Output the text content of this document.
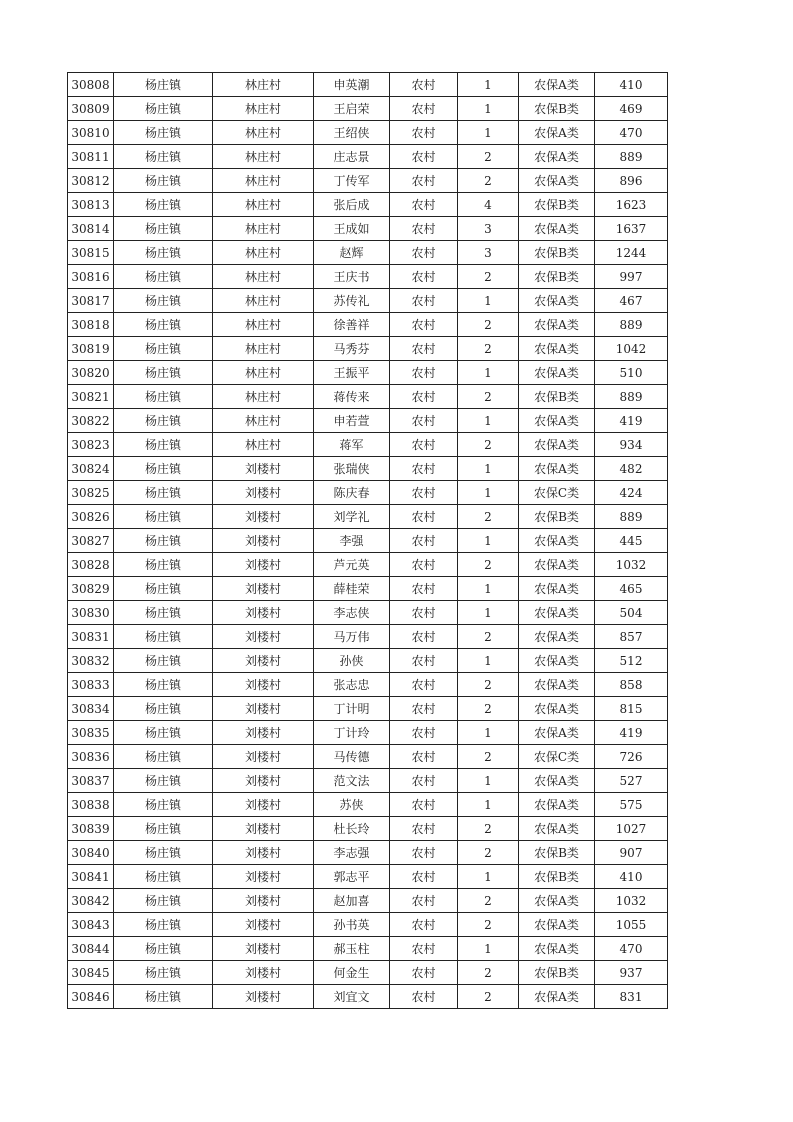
30808	杨庄镇	林庄村	申英潮	农村	1	农保A类	410
30809	杨庄镇	林庄村	王启荣	农村	1	农保B类	469
30810	杨庄镇	林庄村	王绍侠	农村	1	农保A类	470
30811	杨庄镇	林庄村	庄志景	农村	2	农保A类	889
30812	杨庄镇	林庄村	丁传军	农村	2	农保A类	896
30813	杨庄镇	林庄村	张后成	农村	4	农保B类	1623
30814	杨庄镇	林庄村	王成如	农村	3	农保A类	1637
30815	杨庄镇	林庄村	赵辉	农村	3	农保B类	1244
30816	杨庄镇	林庄村	王庆书	农村	2	农保B类	997
30817	杨庄镇	林庄村	苏传礼	农村	1	农保A类	467
30818	杨庄镇	林庄村	徐善祥	农村	2	农保A类	889
30819	杨庄镇	林庄村	马秀芬	农村	2	农保A类	1042
30820	杨庄镇	林庄村	王振平	农村	1	农保A类	510
30821	杨庄镇	林庄村	蒋传来	农村	2	农保B类	889
30822	杨庄镇	林庄村	申若萱	农村	1	农保A类	419
30823	杨庄镇	林庄村	蒋军	农村	2	农保A类	934
30824	杨庄镇	刘楼村	张瑞侠	农村	1	农保A类	482
30825	杨庄镇	刘楼村	陈庆春	农村	1	农保C类	424
30826	杨庄镇	刘楼村	刘学礼	农村	2	农保B类	889
30827	杨庄镇	刘楼村	李强	农村	1	农保A类	445
30828	杨庄镇	刘楼村	芦元英	农村	2	农保A类	1032
30829	杨庄镇	刘楼村	薛桂荣	农村	1	农保A类	465
30830	杨庄镇	刘楼村	李志侠	农村	1	农保A类	504
30831	杨庄镇	刘楼村	马万伟	农村	2	农保A类	857
30832	杨庄镇	刘楼村	孙侠	农村	1	农保A类	512
30833	杨庄镇	刘楼村	张志忠	农村	2	农保A类	858
30834	杨庄镇	刘楼村	丁计明	农村	2	农保A类	815
30835	杨庄镇	刘楼村	丁计玲	农村	1	农保A类	419
30836	杨庄镇	刘楼村	马传德	农村	2	农保C类	726
30837	杨庄镇	刘楼村	范文法	农村	1	农保A类	527
30838	杨庄镇	刘楼村	苏侠	农村	1	农保A类	575
30839	杨庄镇	刘楼村	杜长玲	农村	2	农保A类	1027
30840	杨庄镇	刘楼村	李志强	农村	2	农保B类	907
30841	杨庄镇	刘楼村	郭志平	农村	1	农保B类	410
30842	杨庄镇	刘楼村	赵加喜	农村	2	农保A类	1032
30843	杨庄镇	刘楼村	孙书英	农村	2	农保A类	1055
30844	杨庄镇	刘楼村	郝玉柱	农村	1	农保A类	470
30845	杨庄镇	刘楼村	何金生	农村	2	农保B类	937
30846	杨庄镇	刘楼村	刘宜文	农村	2	农保A类	831
